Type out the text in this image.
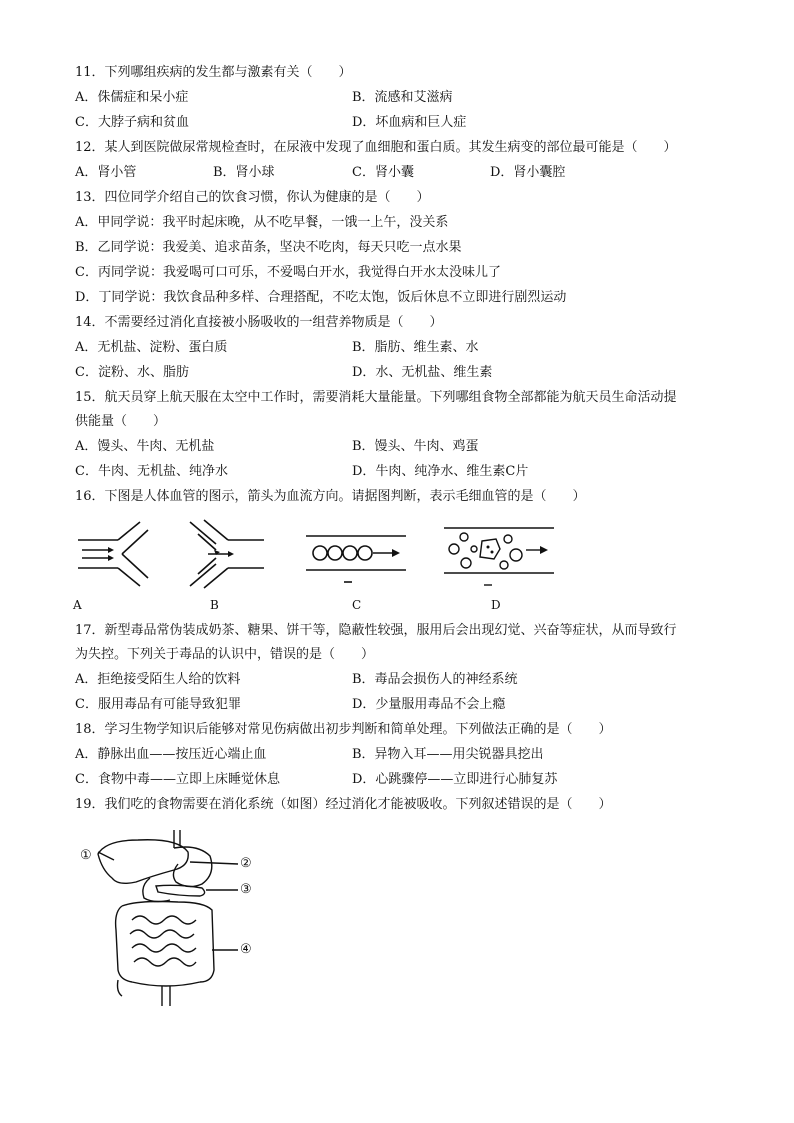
11．下列哪组疾病的发生都与激素有关（　　）
A．侏儒症和呆小症	B．流感和艾滋病
C．大脖子病和贫血	D．坏血病和巨人症
12．某人到医院做尿常规检查时，在尿液中发现了血细胞和蛋白质。其发生病变的部位最可能是（　　）
A．肾小管	B．肾小球	C．肾小囊	D．肾小囊腔
13．四位同学介绍自己的饮食习惯，你认为健康的是（　　）
A．甲同学说：我平时起床晚，从不吃早餐，一饿一上午，没关系
B．乙同学说：我爱美、追求苗条，坚决不吃肉，每天只吃一点水果
C．丙同学说：我爱喝可口可乐，不爱喝白开水，我觉得白开水太没味儿了
D．丁同学说：我饮食品种多样、合理搭配，不吃太饱，饭后休息不立即进行剧烈运动
14．不需要经过消化直接被小肠吸收的一组营养物质是（　　）
A．无机盐、淀粉、蛋白质	B．脂肪、维生素、水
C．淀粉、水、脂肪	D．水、无机盐、维生素
15．航天员穿上航天服在太空中工作时，需要消耗大量能量。下列哪组食物全部都能为航天员生命活动提
供能量（　　）
A．馒头、牛肉、无机盐	B．馒头、牛肉、鸡蛋
C．牛肉、无机盐、纯净水	D．牛肉、纯净水、维生素C片
16．下图是人体血管的图示，箭头为血流方向。请据图判断，表示毛细血管的是（　　）
A	B	C	D
17．新型毒品常伪装成奶茶、糖果、饼干等，隐蔽性较强，服用后会出现幻觉、兴奋等症状，从而导致行
为失控。下列关于毒品的认识中，错误的是（　　）
A．拒绝接受陌生人给的饮料	B．毒品会损伤人的神经系统
C．服用毒品有可能导致犯罪	D．少量服用毒品不会上瘾
18．学习生物学知识后能够对常见伤病做出初步判断和简单处理。下列做法正确的是（　　）
A．静脉出血——按压近心端止血	B．异物入耳——用尖锐器具挖出
C．食物中毒——立即上床睡觉休息	D．心跳骤停——立即进行心肺复苏
19．我们吃的食物需要在消化系统（如图）经过消化才能被吸收。下列叙述错误的是（　　）
①
②
③
④
